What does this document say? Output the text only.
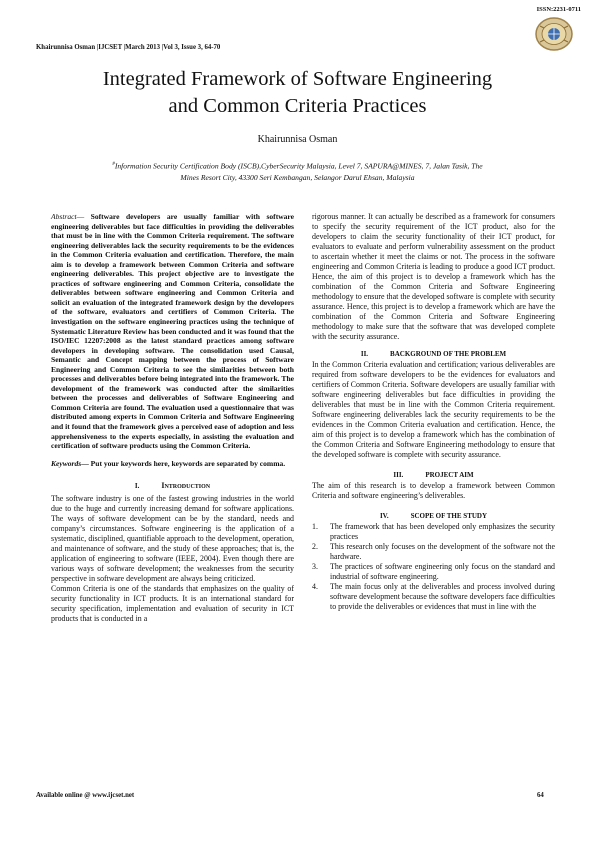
ISSN:2231-0711
Khairunnisa Osman |IJCSET |March 2013 |Vol 3, Issue 3, 64-70
Integrated Framework of Software Engineering
and Common Criteria Practices
Khairunnisa Osman
#Information Security Certification Body (ISCB),CyberSecurity Malaysia, Level 7, SAPURA@MINES, 7, Jalan Tasik, The
Mines Resort City, 43300 Seri Kembangan, Selangor Darul Ehsan, Malaysia

Abstract— Software developers are usually familiar with software engineering deliverables but face difficulties in providing the deliverables that must be in line with the Common Criteria requirement. The software engineering deliverables lack the security requirements to be the evidences in the Common Criteria evaluation and certification. Therefore, the main aim is to develop a framework between Common Criteria and software engineering deliverables. This project objective are to investigate the practices of software engineering and Common Criteria, consolidate the deliverables between software engineering and Common Criteria and solicit an evaluation of the integrated framework design by the developers of the software, evaluators and certifiers of Common Criteria. The investigation on the software engineering practices using the technique of Systematic Literature Review has been conducted and it was found that the ISO/IEC 12207:2008 as the latest standard practices among software developers in developing software. The consolidation used Causal, Semantic and Concept mapping between the process of Software Engineering and Common Criteria to see the similarities between both processes and deliverables before being integrated into the framework. The development of the framework was conducted after the similarities between the processes and deliverables of Software Engineering and Common Criteria are found. The evaluation used a questionnaire that was distributed among experts in Common Criteria and Software Engineering and it found that the framework gives a perceived ease of adoption and less apprehensiveness to the experts especially, in assisting the evaluation and certification of software products using the Common Criteria.

Keywords— Put your keywords here, keywords are separated by comma.

I.	INTRODUCTION

The software industry is one of the fastest growing industries in the world due to the huge and currently increasing demand for software applications. The ways of software development can be by the standard, needs and company’s circumstances. Software engineering is the application of a systematic, disciplined, quantifiable approach to the development, operation, and maintenance of software, and the study of these approaches; that is, the application of engineering to software (IEEE, 2004). Even though there are various ways of software development; the weaknesses from the security perspective in software development are always being criticized.

Common Criteria is one of the standards that emphasizes on the quality of security functionality in ICT products. It is an international standard for security specification, implementation and evaluation of security in ICT products that is conducted in a

rigorous manner. It can actually be described as a framework for consumers to specify the security requirement of the ICT product, also for the developers to claim the security functionality of their ICT product, for evaluators to evaluate and perform vulnerability assessment on the product to ascertain whether it meet the claims or not. The process in the software engineering and Common Criteria is leading to produce a good ICT product. Hence, the aim of this project is to develop a framework which has the combination of the Common Criteria and Software Engineering methodology to ensure that the developed software is complete with security assurance. Hence, this project is to develop a framework which are have the combination of the Common Criteria and Software Engineering methodology to make sure that the software that was developed complete with the security assurance.

II.	BACKGROUND OF THE PROBLEM

In the Common Criteria evaluation and certification; various deliverables are required from software developers to be the evidences for evaluators and certifiers of Common Criteria. Software developers are usually familiar with software engineering deliverables but face difficulties in providing the deliverables that must be in line with the Common Criteria requirement. Software engineering deliverables lack the security requirements to be the evidences in the Common Criteria evaluation and certification. Hence, the aim of this project is to develop a framework which has the combination of the Common Criteria and Software Engineering methodology to ensure that the developed software is complete with security assurance.

III.	PROJECT AIM

The aim of this research is to develop a framework between Common Criteria and software engineering’s deliverables.

IV.	SCOPE OF THE STUDY
1.	The framework that has been developed only emphasizes the security practices
2.	This research only focuses on the development of the software not the hardware.
3.	The practices of software engineering only focus on the standard and industrial of software engineering.
4.	The main focus only at the deliverables and process involved during software development because the software developers face difficulties to provide the deliverables or evidences that must in line with the
Available online @ www.ijcset.net	64
